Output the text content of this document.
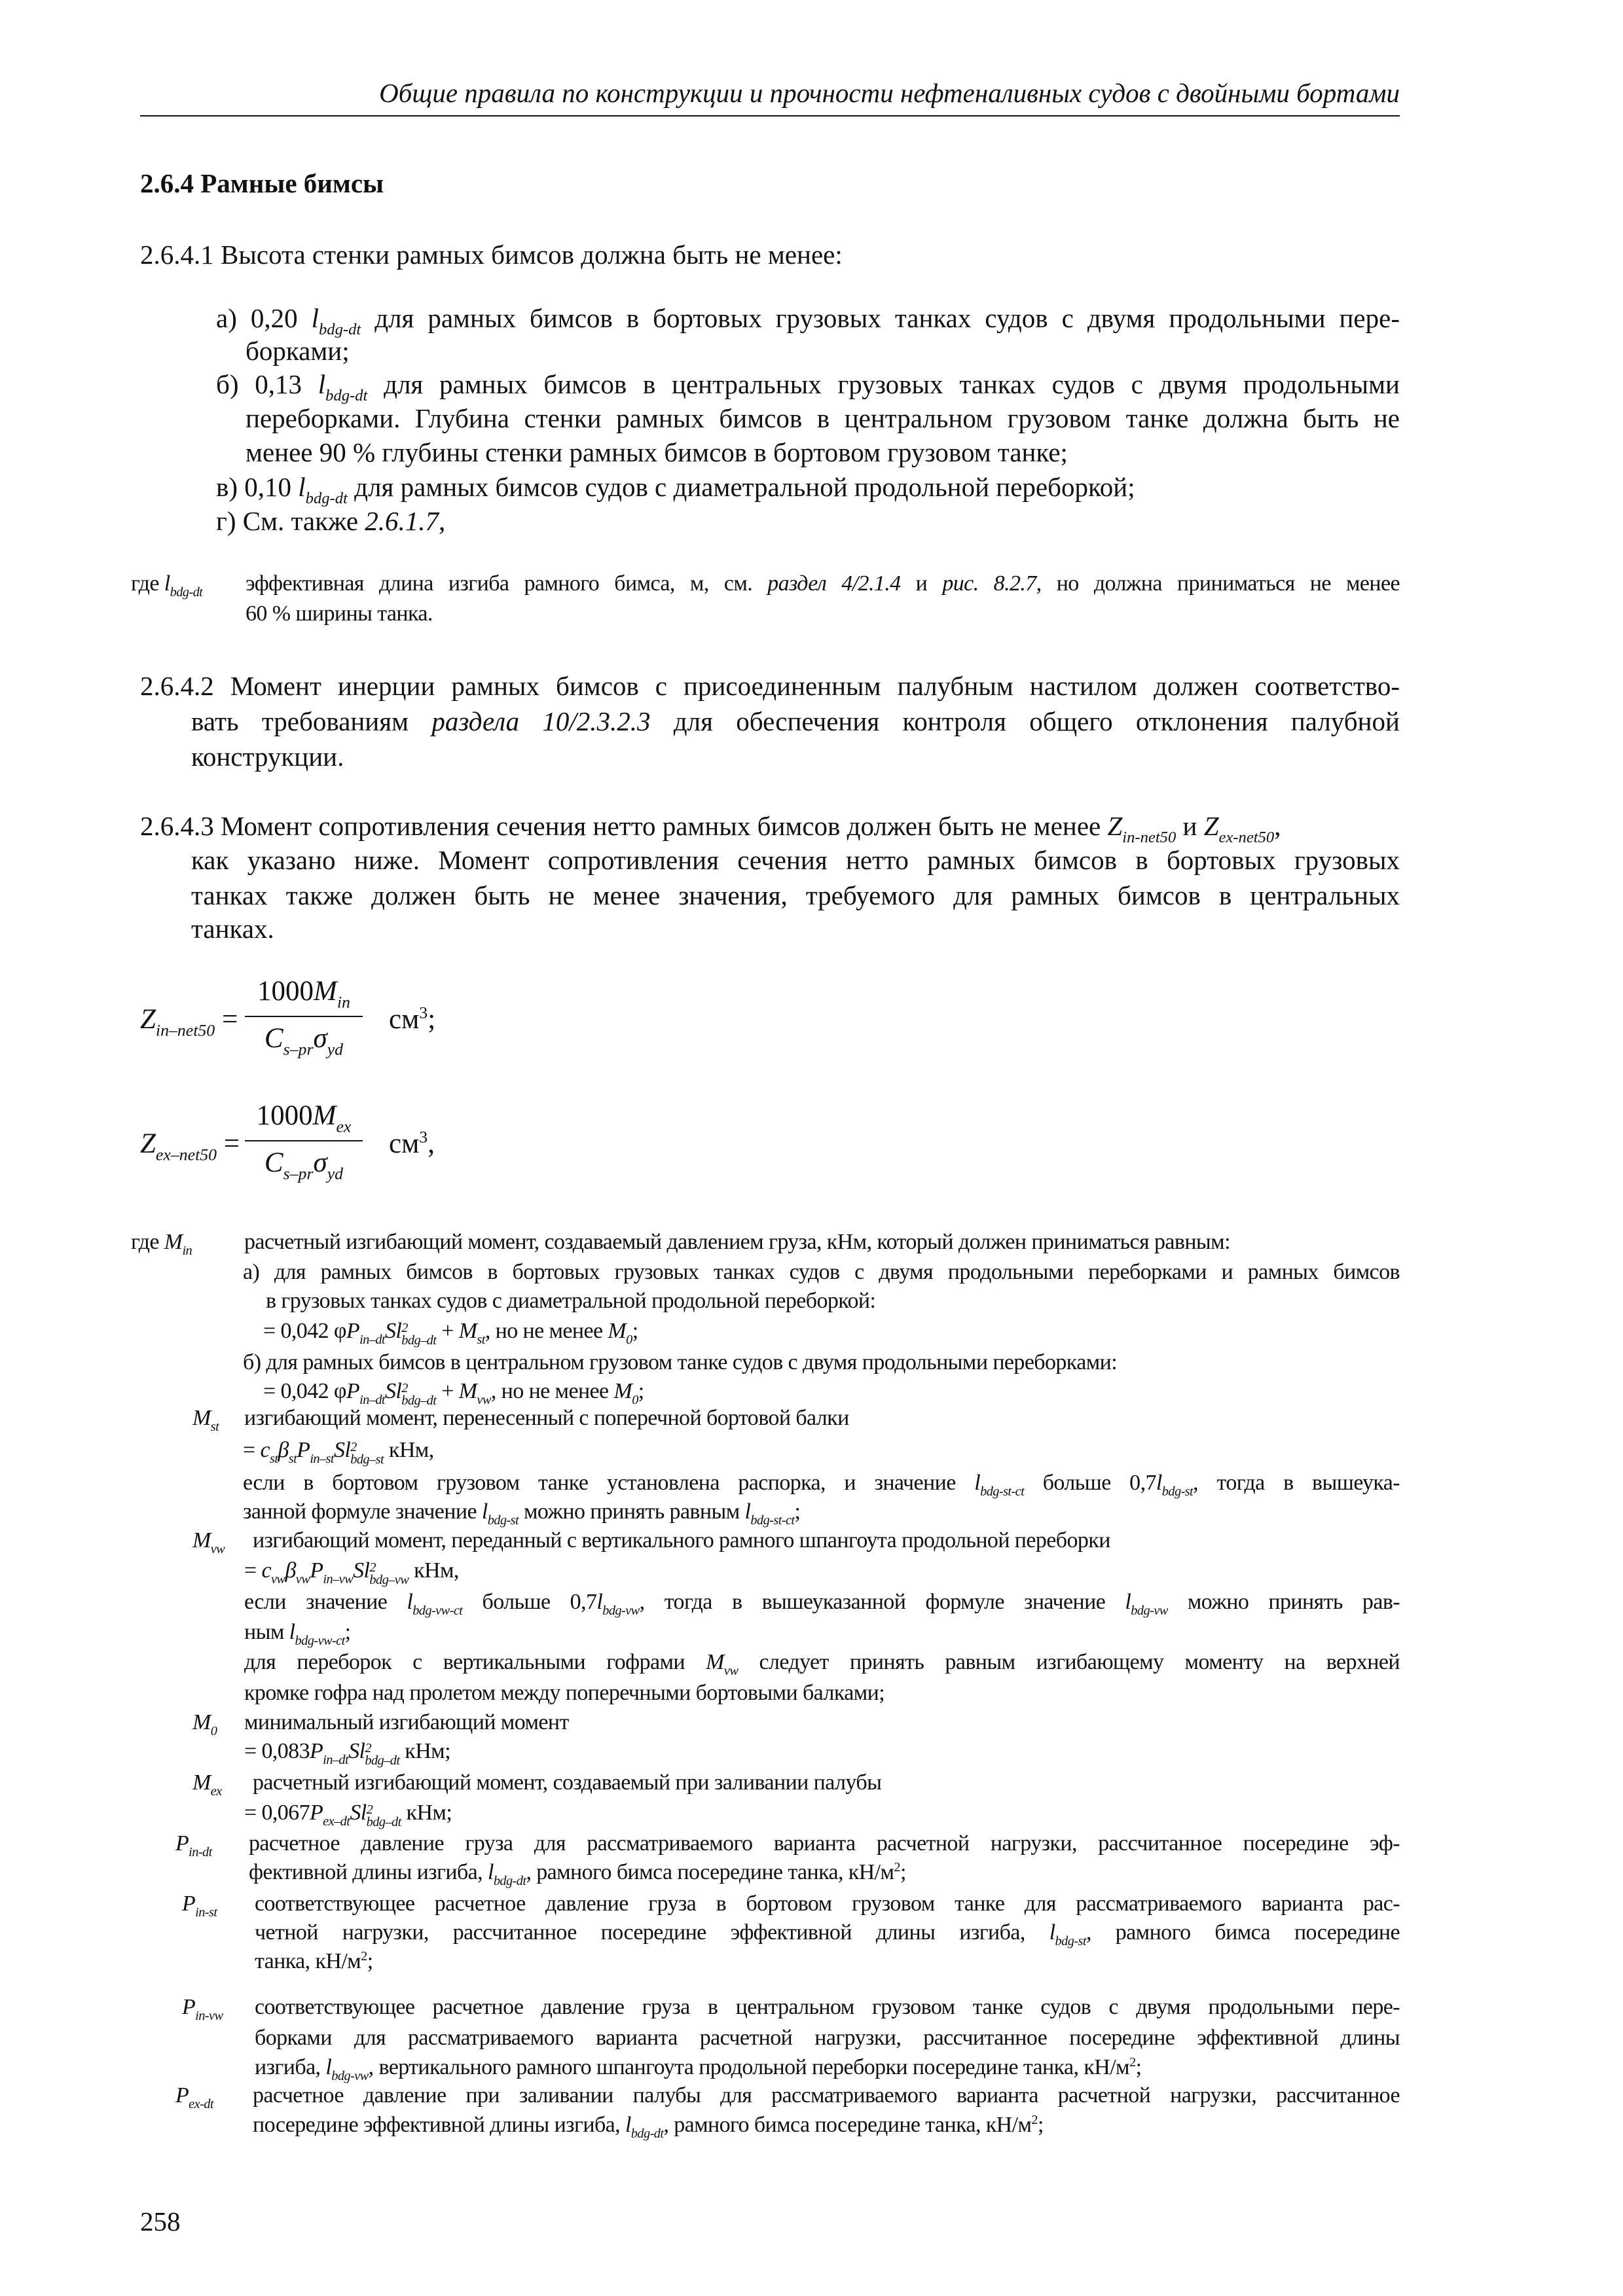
Общие правила по конструкции и прочности нефтеналивных судов с двойными бортами
2.6.4 Рамные бимсы
2.6.4.1 Высота стенки рамных бимсов должна быть не менее:
а) 0,20 $l_{bdg-dt}$ для рамных бимсов в бортовых грузовых танках судов с двумя продольными пере-
борками;
б) 0,13 $l_{bdg-dt}$ для рамных бимсов в центральных грузовых танках судов с двумя продольными
переборками. Глубина стенки рамных бимсов в центральном грузовом танке должна быть не
менее 90 % глубины стенки рамных бимсов в бортовом грузовом танке;
в) 0,10 $l_{bdg-dt}$ для рамных бимсов судов с диаметральной продольной переборкой;
г) См. также 2.6.1.7,
где $l_{bdg-dt}$ эффективная длина изгиба рамного бимса, м, см. раздел 4/2.1.4 и рис. 8.2.7, но должна приниматься не менее
60 % ширины танка.
2.6.4.2 Момент инерции рамных бимсов с присоединенным палубным настилом должен соответство-
вать требованиям раздела 10/2.3.2.3 для обеспечения контроля общего отклонения палубной
конструкции.
2.6.4.3 Момент сопротивления сечения нетто рамных бимсов должен быть не менее $Z_{in-net50}$ и $Z_{ex-net50}$,
как указано ниже. Момент сопротивления сечения нетто рамных бимсов в бортовых грузовых
танках также должен быть не менее значения, требуемого для рамных бимсов в центральных
танках.
$Z_{in-net50}$ =
$1000M_{in}$
$C_{s-pr}\sigma_{yd}$
$см^3$;
$Z_{ex-net50}$ =
$1000M_{ex}$
$C_{s-pr}\sigma_{yd}$
$см^3$,
где $M_{in}$ расчетный изгибающий момент, создаваемый давлением груза, кНм, который должен приниматься равным:
а) для рамных бимсов в бортовых грузовых танках судов с двумя продольными переборками и рамных бимсов
в грузовых танках судов с диаметральной продольной переборкой:
= 0,042 $\varphi P_{in-dt}Sl$ 2
$bdg-dt + M_{st}$, но не менее $M_0$;
б) для рамных бимсов в центральном грузовом танке судов с двумя продольными переборками:
= 0,042 $\varphi P_{in-dt}Sl$ 2
$bdg-dt + M_{vw}$, но не менее $M_0$;
$M_{st}$ изгибающий момент, перенесенный с поперечной бортовой балки
= $c_{st}\beta_{st}P_{in-st}Sl$ 2
bdg–st кНм,
если в бортовом грузовом танке установлена распорка, и значение $l_{bdg-st-ct}$ больше $0,7l_{bdg-st}$, тогда в вышеука-
занной формуле значение $l_{bdg-st}$ можно принять равным $l_{bdg-st-ct}$;
$M_{vw}$ изгибающий момент, переданный с вертикального рамного шпангоута продольной переборки
= $c_{vw}\beta_{vw}P_{in-vw}Sl$ 2
bdg–vw кНм,
если значение $l_{bdg-vw-ct}$ больше $0,7l_{bdg-vw}$, тогда в вышеуказанной формуле значение $l_{bdg-vw}$ можно принять рав-
ным $l_{bdg-vw-ct}$;
для переборок с вертикальными гофрами $M_{vw}$ следует принять равным изгибающему моменту на верхней
кромке гофра над пролетом между поперечными бортовыми балками;
$M_0$ минимальный изгибающий момент
= $0,083P_{in-dt}Sl$ 2
bdg–dt кНм;
$M_{ex}$ расчетный изгибающий момент, создаваемый при заливании палубы
= $0,067P_{ex-dt}Sl$ 2
bdg–dt кНм;
$P_{in-dt}$ расчетное давление груза для рассматриваемого варианта расчетной нагрузки, рассчитанное посередине эф-
фективной длины изгиба, $l_{bdg-dt}$, рамного бимса посередине танка, $кН/м^2$;
$P_{in-st}$ соответствующее расчетное давление груза в бортовом грузовом танке для рассматриваемого варианта рас-
четной нагрузки, рассчитанное посередине эффективной длины изгиба, $l_{bdg-st}$, рамного бимса посередине
танка, $кН/м^2$;
$P_{in-vw}$ соответствующее расчетное давление груза в центральном грузовом танке судов с двумя продольными пере-
борками для рассматриваемого варианта расчетной нагрузки, рассчитанное посередине эффективной длины
изгиба, $l_{bdg-vw}$, вертикального рамного шпангоута продольной переборки посередине танка, $кН/м^2$;
$P_{ex-dt}$ расчетное давление при заливании палубы для рассматриваемого варианта расчетной нагрузки, рассчитанное
посередине эффективной длины изгиба, $l_{bdg-dt}$, рамного бимса посередине танка, $кН/м^2$;
258
